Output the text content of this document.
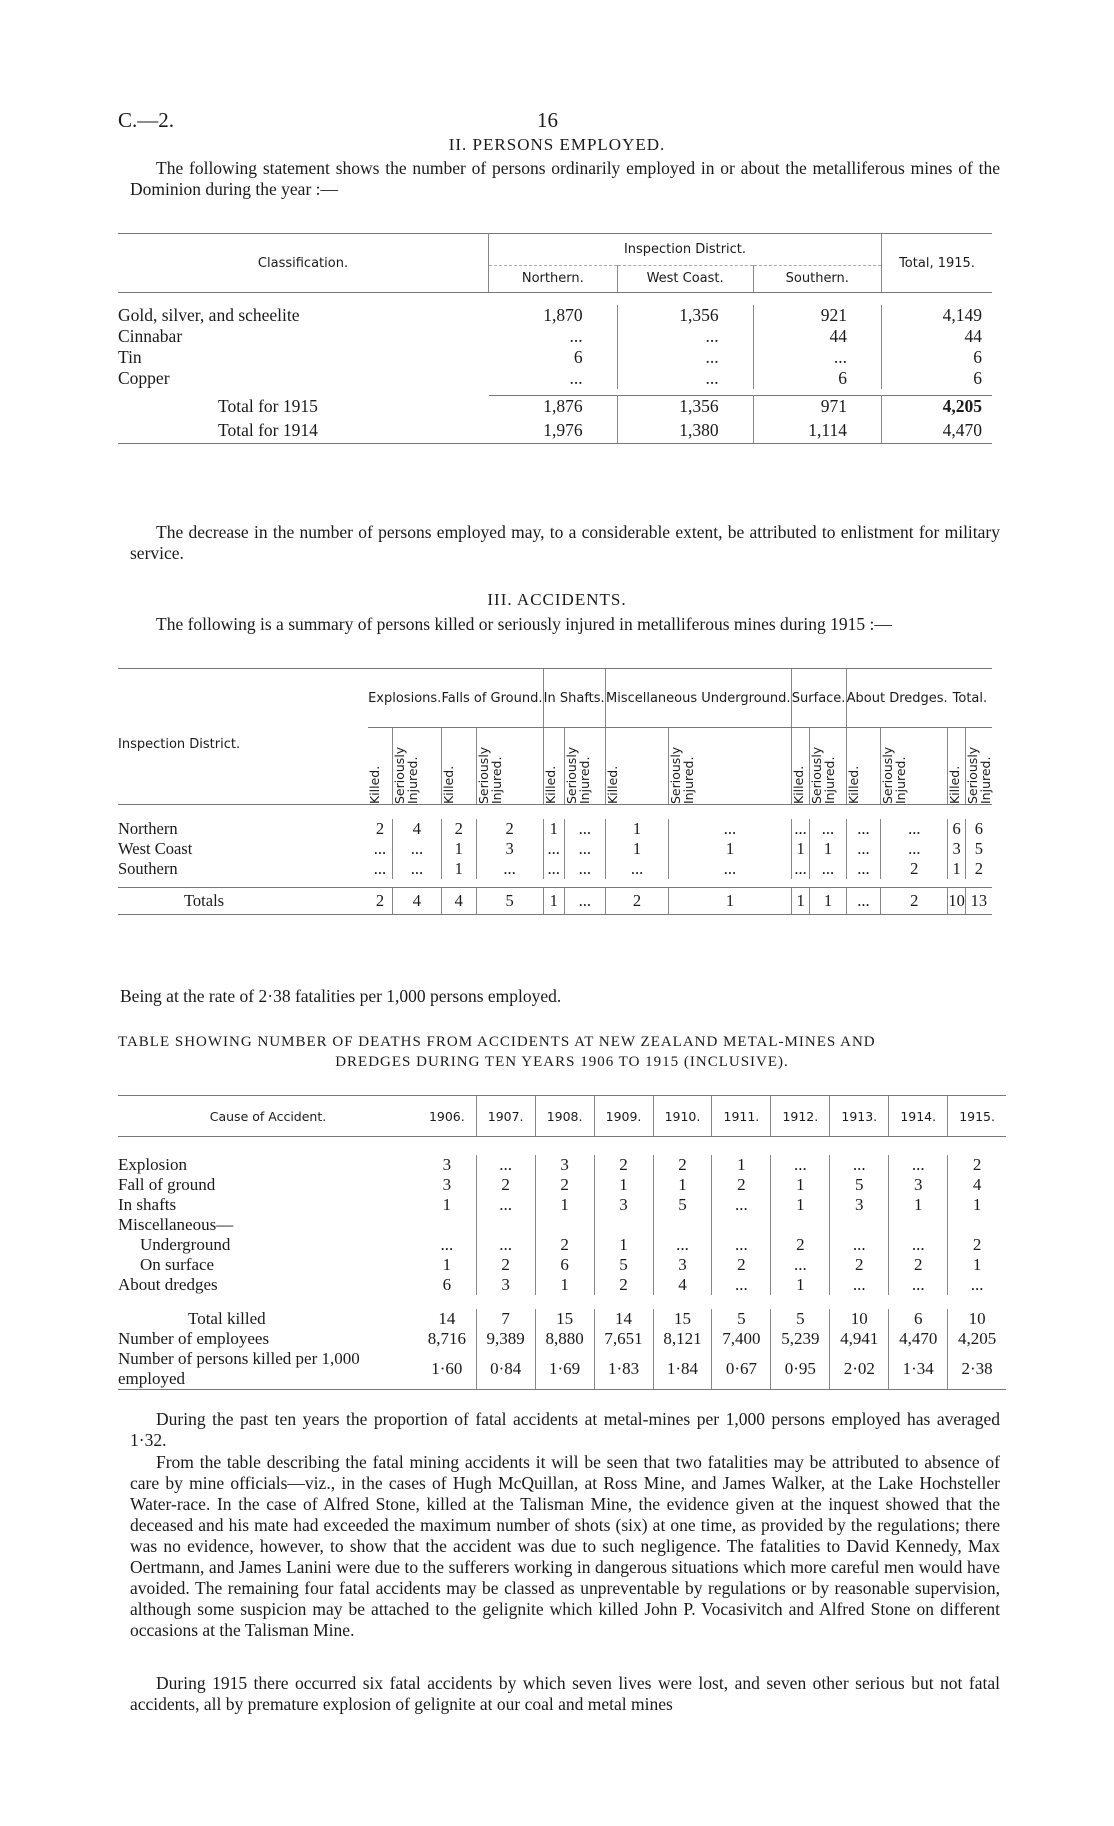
C.—2.	16
II. PERSONS EMPLOYED.
The following statement shows the number of persons ordinarily employed in or about the metalliferous mines of the Dominion during the year :—
Classification.	Inspection District.			Total, 1915.
	Northern.	West Coast.	Southern.	

Gold, silver, and scheelite	1,870	1,356	921	4,149
Cinnabar	...	...	44	44
Tin	6	...	...	6
Copper	...	...	6	6

Total for 1915	1,876	1,356	971	4,205
Total for 1914	1,976	1,380	1,114	4,470
The decrease in the number of persons employed may, to a considerable extent, be attributed to enlistment for military service.
III. ACCIDENTS.
The following is a summary of persons killed or seriously injured in metalliferous mines during 1915 :—
Inspection District.	Explosions.		Falls of Ground.		In Shafts.		Miscellaneous Underground.		Surface.		About Dredges.		Total.	

	Killed.	Seriously Injured.	Killed.	Seriously Injured.	Killed.	Seriously Injured.	Killed.	Seriously Injured.	Killed.	Seriously Injured.	Killed.	Seriously Injured.	Killed.	Seriously Injured.

Northern	2	4	2	2	1	...	1	...	...	...	...	...	6	6
West Coast	...	...	1	3	...	...	1	1	1	1	...	...	3	5
Southern	...	...	1	...	...	...	...	...	...	...	...	2	1	2

Totals	2	4	4	5	1	...	2	1	1	1	...	2	10	13
Being at the rate of 2·38 fatalities per 1,000 persons employed.
TABLE SHOWING NUMBER OF DEATHS FROM ACCIDENTS AT NEW ZEALAND METAL-MINES AND
DREDGES DURING TEN YEARS 1906 TO 1915 (INCLUSIVE).
Cause of Accident.	1906.	1907.	1908.	1909.	1910.	1911.	1912.	1913.	1914.	1915.

Explosion	3	...	3	2	2	1	...	...	...	2
Fall of ground	3	2	2	1	1	2	1	5	3	4
In shafts	1	...	1	3	5	...	1	3	1	1
Miscellaneous—										
Underground	...	...	2	1	...	...	2	...	...	2
On surface	1	2	6	5	3	2	...	2	2	1
About dredges	6	3	1	2	4	...	1	...	...	...

Total killed	14	7	15	14	15	5	5	10	6	10
Number of employees	8,716	9,389	8,880	7,651	8,121	7,400	5,239	4,941	4,470	4,205
Number of persons killed per 1,000 employed	1·60	0·84	1·69	1·83	1·84	0·67	0·95	2·02	1·34	2·38
During the past ten years the proportion of fatal accidents at metal-mines per 1,000 persons employed has averaged 1·32.
From the table describing the fatal mining accidents it will be seen that two fatalities may be attributed to absence of care by mine officials—viz., in the cases of Hugh McQuillan, at Ross Mine, and James Walker, at the Lake Hochsteller Water-race. In the case of Alfred Stone, killed at the Talisman Mine, the evidence given at the inquest showed that the deceased and his mate had exceeded the maximum number of shots (six) at one time, as provided by the regulations; there was no evidence, however, to show that the accident was due to such negligence. The fatalities to David Kennedy, Max Oertmann, and James Lanini were due to the sufferers working in dangerous situations which more careful men would have avoided. The remaining four fatal accidents may be classed as unpreventable by regulations or by reasonable supervision, although some suspicion may be attached to the gelignite which killed John P. Vocasivitch and Alfred Stone on different occasions at the Talisman Mine.
During 1915 there occurred six fatal accidents by which seven lives were lost, and seven other serious but not fatal accidents, all by premature explosion of gelignite at our coal and metal mines
